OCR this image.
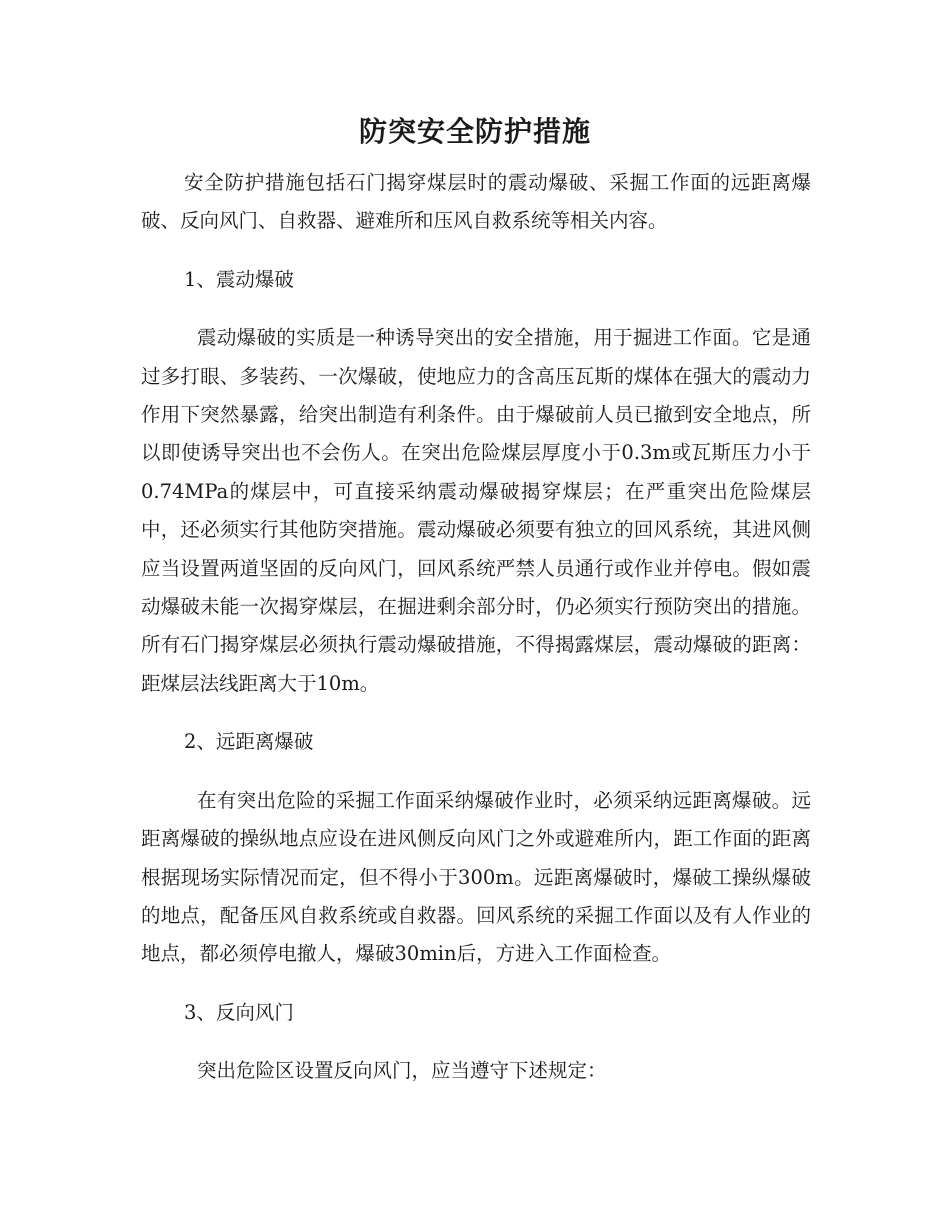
防突安全防护措施

安全防护措施包括石门揭穿煤层时的震动爆破、采掘工作面的远距离爆破、反向风门、自救器、避难所和压风自救系统等相关内容。

1、震动爆破

震动爆破的实质是一种诱导突出的安全措施，用于掘进工作面。它是通过多打眼、多装药、一次爆破，使地应力的含高压瓦斯的煤体在强大的震动力作用下突然暴露，给突出制造有利条件。由于爆破前人员已撤到安全地点，所以即使诱导突出也不会伤人。在突出危险煤层厚度小于0.3m或瓦斯压力小于0.74MPa的煤层中，可直接采纳震动爆破揭穿煤层；在严重突出危险煤层中，还必须实行其他防突措施。震动爆破必须要有独立的回风系统，其进风侧应当设置两道坚固的反向风门，回风系统严禁人员通行或作业并停电。假如震动爆破未能一次揭穿煤层，在掘进剩余部分时，仍必须实行预防突出的措施。所有石门揭穿煤层必须执行震动爆破措施，不得揭露煤层，震动爆破的距离：距煤层法线距离大于10m。

2、远距离爆破

在有突出危险的采掘工作面采纳爆破作业时，必须采纳远距离爆破。远距离爆破的操纵地点应设在进风侧反向风门之外或避难所内，距工作面的距离根据现场实际情况而定，但不得小于300m。远距离爆破时，爆破工操纵爆破的地点，配备压风自救系统或自救器。回风系统的采掘工作面以及有人作业的地点，都必须停电撤人，爆破30min后，方进入工作面检查。

3、反向风门

突出危险区设置反向风门，应当遵守下述规定：
